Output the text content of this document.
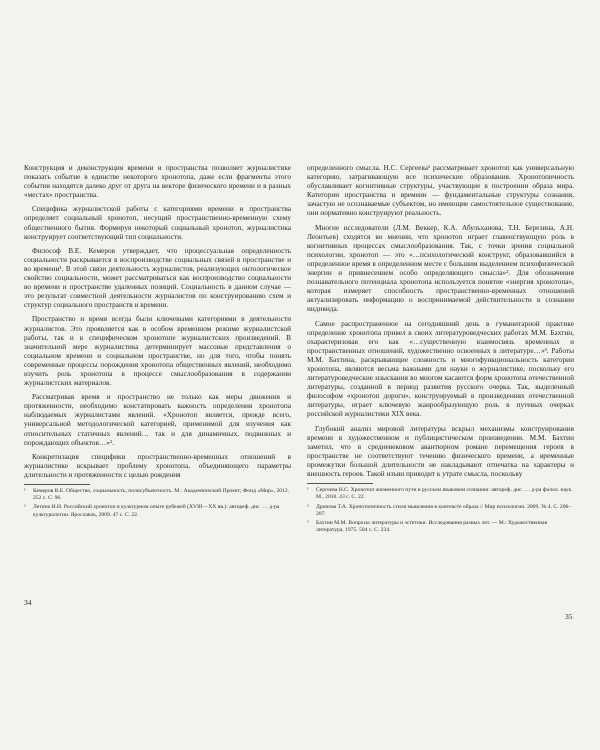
Конструкция и деконструкция времени и пространства позволяет журналистике показать событие в единстве некоторого хронотопа, даже если фрагменты этого события находятся далеко друг от друга на векторе физического времени и в разных «местах» пространства.

Специфика журналистской работы с категориями времени и пространства определяет социальный хронотоп, несущий пространственно-временную схему общественного бытия. Формируя некоторый социальный хронотоп, журналистика конструирует соответствующий тип социальности.

Философ В.Е. Кемеров утверждает, что процессуальная определенность социальности раскрывается в воспроизводстве социальных связей в пространстве и во времени¹. В этой связи деятельность журналистов, реализующих онтологическое свойство социальности, может рассматриваться как воспроизводство социальности во времени и пространстве удаленных позиций. Социальность в данном случае — это результат совместной деятельности журналистов по конструированию схем и структур социального пространств и времени.

Пространство и время всегда были ключевыми категориями в деятельности журналистов. Это проявляется как в особом временном режиме журналистской работы, так и в специфическом хронотопе журналистских произведений. В значительной мере журналистика детерминирует массовые представления о социальном времени и социальном пространстве, но для того, чтобы понять современные процессы порождения хронотопа общественных явлений, необходимо изучить роль хронотопа в процессе смыслообразования в содержании журналистских материалов.

Рассматривая время и пространство не только как меры движения и протяженности, необходимо констатировать важность определения хронотопа наблюдаемых журналистами явлений. «Хронотоп является, прежде всего, универсальной методологической категорией, применимой для изучения как относительных статичных явлений… так и для динамичных, подвижных и порождающих объектов…»².

Конкретизация специфики пространственно-временных отношений в журналистике вскрывает проблему хронотопа, объединяющего параметры длительности и протяженности с целью рождения

¹	Кемеров В.Е. Общество, социальность, полисубъектность. М.: Академический Проект; Фонд «Мир», 2012. 252 с. С. 96.
²	Летина Н.Н. Российский хронотоп в культурном опыте рубежей (XVIII—XX вв.): автореф. дис. … д-ра культурологии. Ярославль, 2009. 47 с. С. 22.
34

определенного смысла. Н.С. Сергеева¹ рассматривает хронотоп как универсальную категорию, затрагивающую все психические образования. Хронотопичность обуславливает когнитивные структуры, участвующие в построении образа мира. Категории пространства и времени — фундаментальные структуры сознания, зачастую не осознаваемые субъектом, но имеющие самостоятельное существование, они нормативно конструируют реальность.

Многие исследователи (Л.М. Веккер, К.А. Абульханова, Т.Н. Березина, А.Н. Леонтьев) сходятся во мнении, что хронотоп играет главенствующую роль в когнитивных процессах смыслообразования. Так, с точки зрения социальной психологии, хронотоп — это «…психологический конструкт, образовавшийся в определенное время в определенном месте с большим выделением психофизической энергии и привнесением особо определяющего смысла»². Для обозначения познавательного потенциала хронотопа используется понятие «энергия хронотопа», которая измеряет способность пространственно-временных отношений актуализировать информацию о воспринимаемой действительности в сознании индивида.

Самое распространенное на сегодняшний день в гуманитарной практике определение хронотопа привел в своих литературоведческих работах М.М. Бахтин, охарактеризовав его как «…существенную взаимосвязь временных и пространственных отношений, художественно освоенных в литературе…»³. Работы М.М. Бахтина, раскрывающие сложность и многофункциональность категории хронотопа, являются весьма важными для науки о журналистике, поскольку его литературоведческие изыскания во многом касаются форм хронотопа отечественной литературы, созданной в период развития русского очерка. Так, выделенный философом «хронотоп дороги», конструируемый в произведениях отечественной литературы, играет ключевую жанрообразующую роль в путевых очерках российской журналистики XIX века.

Глубокий анализ мировой литературы вскрыл механизмы конструирования времени в художественном и публицистическом произведении. М.М. Бахтин заметил, что в средневековом авантюрном романе перемещения героев в пространстве не соответствуют течению физического времени, а временные промежутки большой длительности не накладывают отпечатка на характеры и внешность героев. Такой изъян приводит к утрате смысла, поскольку

¹	Сергеева Н.С. Хронотоп жизненного пути в русском языковом сознании: автореф. дис. … д-ра филол. наук. М., 2010. 43 с. С. 22.
²	Дронова Т.А. Хронотопичность стиля мышления в контексте образа // Мир психологии. 2009. № 4. С. 206–207.
³	Бахтин М.М. Вопросы литературы и эстетики. Исследования разных лет. — М.: Художественная литература, 1975. 504 с. С. 234.
35
